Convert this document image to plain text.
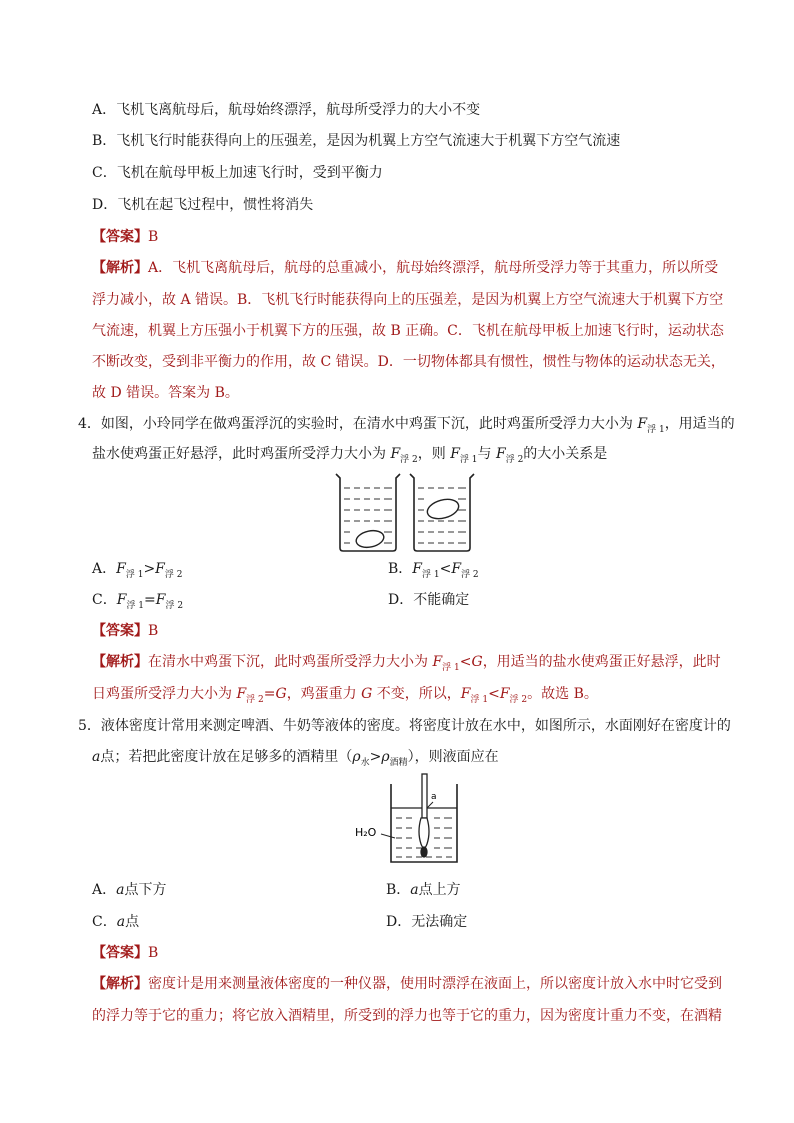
A．飞机飞离航母后，航母始终漂浮，航母所受浮力的大小不变
B．飞机飞行时能获得向上的压强差，是因为机翼上方空气流速大于机翼下方空气流速
C．飞机在航母甲板上加速飞行时，受到平衡力
D．飞机在起飞过程中，惯性将消失
【答案】B
【解析】A．飞机飞离航母后，航母的总重减小，航母始终漂浮，航母所受浮力等于其重力，所以所受
浮力减小，故 A 错误。B．飞机飞行时能获得向上的压强差，是因为机翼上方空气流速大于机翼下方空
气流速，机翼上方压强小于机翼下方的压强，故 B 正确。C．飞机在航母甲板上加速飞行时，运动状态
不断改变，受到非平衡力的作用，故 C 错误。D．一切物体都具有惯性，惯性与物体的运动状态无关，
故 D 错误。答案为 B。
4．如图，小玲同学在做鸡蛋浮沉的实验时，在清水中鸡蛋下沉，此时鸡蛋所受浮力大小为 $F_{浮 1}$，用适当的
盐水使鸡蛋正好悬浮，此时鸡蛋所受浮力大小为 $F_{浮 2}$，则 $F_{浮 1}$与 $F_{浮 2}$的大小关系是
A．$F_{浮 1}>F_{浮 2}$	B．$F_{浮 1}<F_{浮 2}$
C．$F_{浮 1}=F_{浮 2}$	D．不能确定
【答案】B
【解析】在清水中鸡蛋下沉，此时鸡蛋所受浮力大小为 $F_{浮 1}<G$，用适当的盐水使鸡蛋正好悬浮，此时
日鸡蛋所受浮力大小为 $F_{浮 2}=G$，鸡蛋重力 G 不变，所以，$F_{浮 1}<F_{浮 2}$。故选 B。
5．液体密度计常用来测定啤酒、牛奶等液体的密度。将密度计放在水中，如图所示，水面刚好在密度计的
a点；若把此密度计放在足够多的酒精里$(\rho_水>\rho_{酒精})$，则液面应在
a
H₂O
A．a点下方	B．a点上方
C．a点	D．无法确定
【答案】B
【解析】密度计是用来测量液体密度的一种仪器，使用时漂浮在液面上，所以密度计放入水中时它受到
的浮力等于它的重力；将它放入酒精里，所受到的浮力也等于它的重力，因为密度计重力不变，在酒精
